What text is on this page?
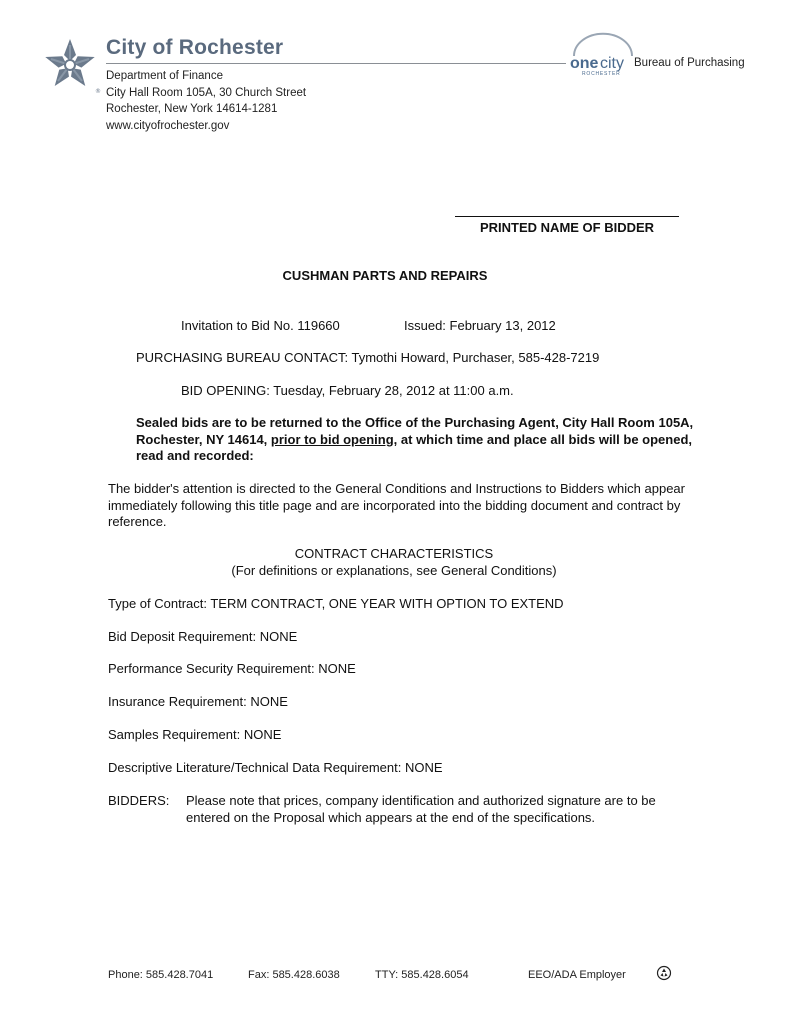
®
City of Rochester
Department of Finance
City Hall Room 105A, 30 Church Street
Rochester, New York 14614-1281
www.cityofrochester.gov
one city
ROCHESTER
Bureau of Purchasing
PRINTED NAME OF BIDDER
CUSHMAN PARTS AND REPAIRS
Invitation to Bid No. 119660	Issued: February 13, 2012
PURCHASING BUREAU CONTACT: Tymothi Howard, Purchaser, 585-428-7219
BID OPENING: Tuesday, February 28, 2012 at 11:00 a.m.
Sealed bids are to be returned to the Office of the Purchasing Agent, City Hall Room 105A, Rochester, NY 14614, prior to bid opening, at which time and place all bids will be opened, read and recorded:
The bidder's attention is directed to the General Conditions and Instructions to Bidders which appear immediately following this title page and are incorporated into the bidding document and contract by reference.
CONTRACT CHARACTERISTICS
(For definitions or explanations, see General Conditions)
Type of Contract: TERM CONTRACT, ONE YEAR WITH OPTION TO EXTEND
Bid Deposit Requirement: NONE
Performance Security Requirement: NONE
Insurance Requirement: NONE
Samples Requirement: NONE
Descriptive Literature/Technical Data Requirement: NONE
BIDDERS: Please note that prices, company identification and authorized signature are to be entered on the Proposal which appears at the end of the specifications.
Phone: 585.428.7041	Fax: 585.428.6038	TTY: 585.428.6054	EEO/ADA Employer
